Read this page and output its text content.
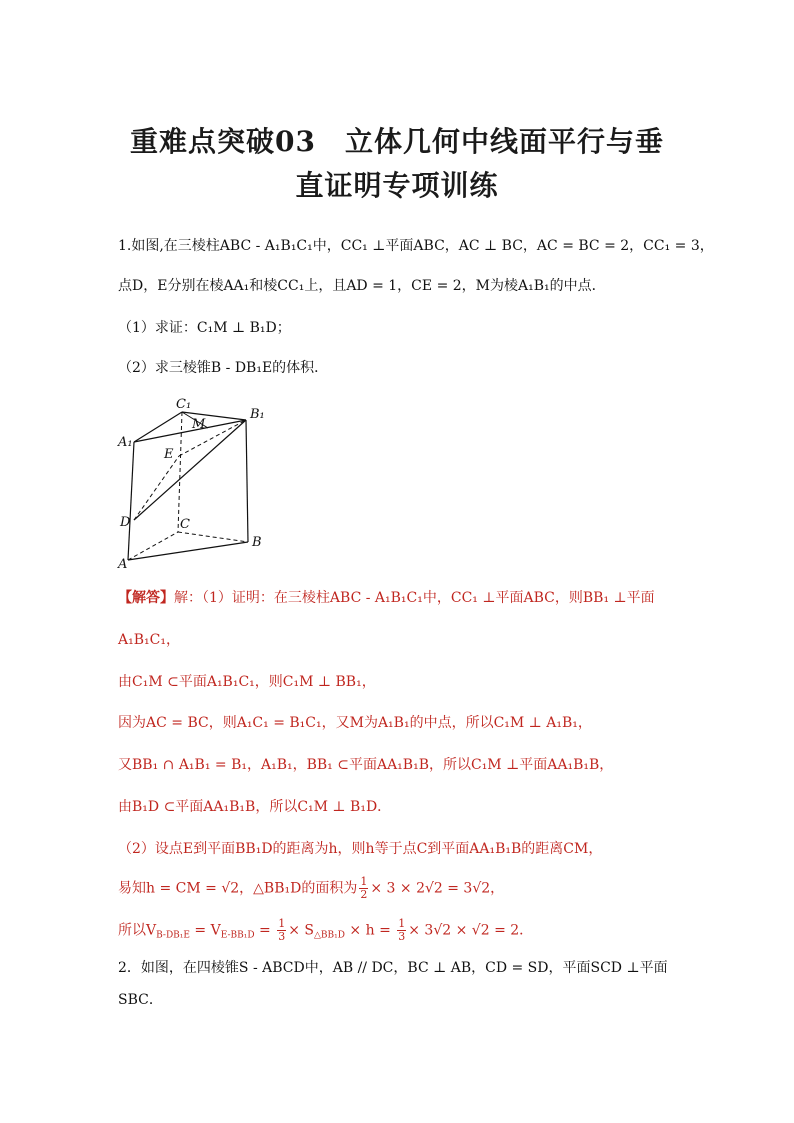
重难点突破03　立体几何中线面平行与垂
直证明专项训练
1.如图,在三棱柱ABC - A₁B₁C₁中，CC₁ ⊥平面ABC，AC ⊥ BC，AC = BC = 2，CC₁ = 3，
点D，E分别在棱AA₁和棱CC₁上，且AD = 1，CE = 2，M为棱A₁B₁的中点．
（1）求证：C₁M ⊥ B₁D；
（2）求三棱锥B - DB₁E的体积．
C₁
B₁
A₁
M
E
D	C
B
A
【解答】解：（1）证明：在三棱柱ABC - A₁B₁C₁中，CC₁ ⊥平面ABC，则BB₁ ⊥平面
A₁B₁C₁，
由C₁M ⊂平面A₁B₁C₁，则C₁M ⊥ BB₁，
因为AC = BC，则A₁C₁ = B₁C₁，又M为A₁B₁的中点，所以C₁M ⊥ A₁B₁，
又BB₁ ∩ A₁B₁ = B₁，A₁B₁，BB₁ ⊂平面AA₁B₁B，所以C₁M ⊥平面AA₁B₁B，
由B₁D ⊂平面AA₁B₁B，所以C₁M ⊥ B₁D．
（2）设点E到平面BB₁D的距离为h，则h等于点C到平面AA₁B₁B的距离CM，
易知h = CM = √2，△BB₁D的面积为 $\frac{1}{2} \times 3 \times 2√2 = 3√2$，
所以$V_{B-DB_1E} = V_{E-BB_1D} = \frac{1}{3} \times S_{\triangle BB_1D} \times h = \frac{1}{3} \times 3√2 \times √2 = 2$．
2．如图，在四棱锥S - ABCD中，AB // DC，BC ⊥ AB，CD = SD，平面SCD ⊥平面
SBC．
